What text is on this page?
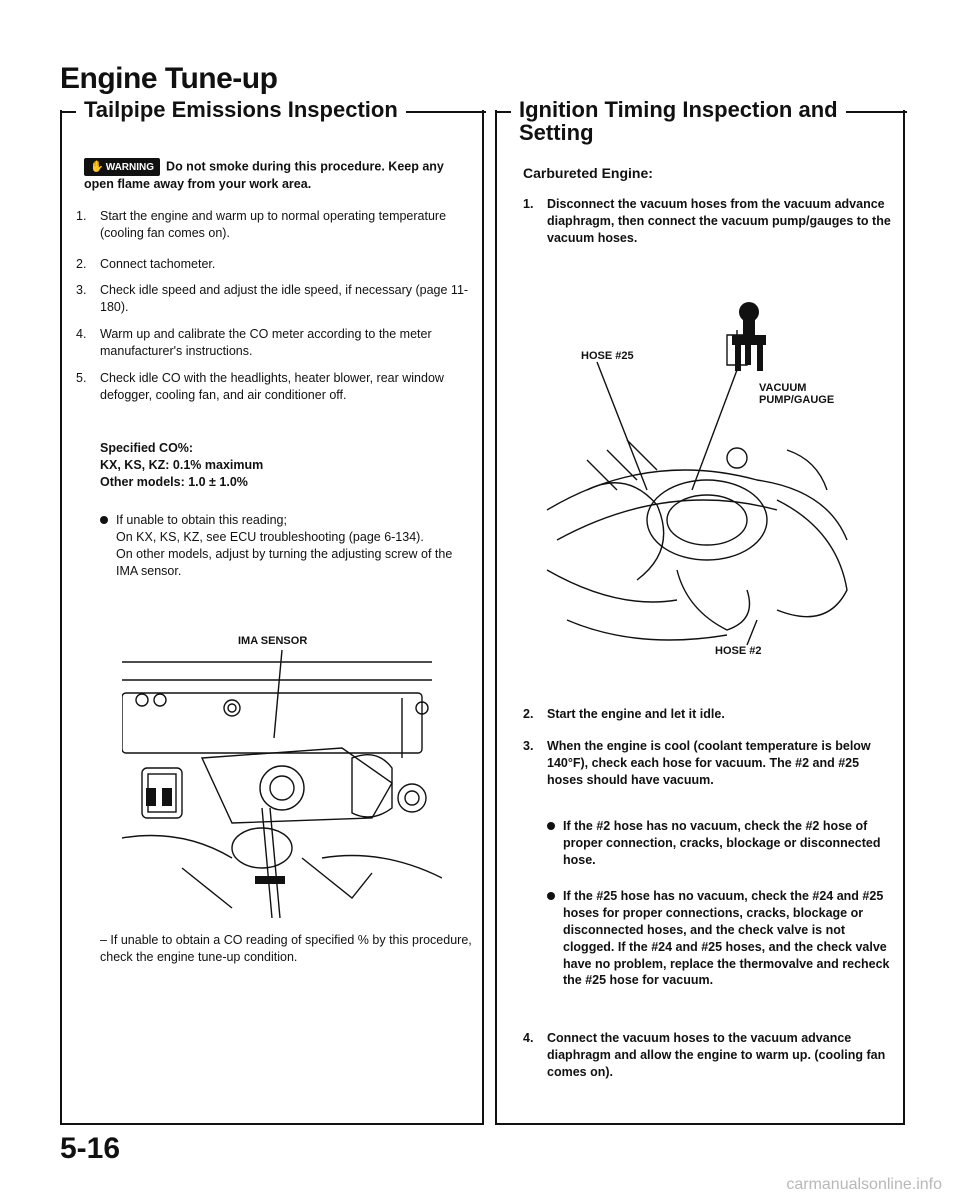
Engine Tune-up
Tailpipe Emissions Inspection
✋ WARNING Do not smoke during this procedure. Keep any open flame away from your work area.
1.	Start the engine and warm up to normal operating temperature (cooling fan comes on).
2.	Connect tachometer.
3.	Check idle speed and adjust the idle speed, if necessary (page 11-180).
4.	Warm up and calibrate the CO meter according to the meter manufacturer's instructions.
5.	Check idle CO with the headlights, heater blower, rear window defogger, cooling fan, and air conditioner off.
Specified CO%:
KX, KS, KZ: 0.1% maximum
Other models: 1.0 ± 1.0%
If unable to obtain this reading;
On KX, KS, KZ, see ECU troubleshooting (page 6-134).
On other models, adjust by turning the adjusting screw of the IMA sensor.
IMA SENSOR
– If unable to obtain a CO reading of specified % by this procedure, check the engine tune-up condition.
Ignition Timing Inspection and
Setting
Carbureted Engine:
1.	Disconnect the vacuum hoses from the vacuum advance diaphragm, then connect the vacuum pump/gauges to the vacuum hoses.
HOSE #25
VACUUM
PUMP/GAUGE
HOSE #2
2.	Start the engine and let it idle.
3.	When the engine is cool (coolant temperature is below 140°F), check each hose for vacuum. The #2 and #25 hoses should have vacuum.
If the #2 hose has no vacuum, check the #2 hose of proper connection, cracks, blockage or disconnected hose.
If the #25 hose has no vacuum, check the #24 and #25 hoses for proper connections, cracks, blockage or disconnected hoses, and the check valve is not clogged. If the #24 and #25 hoses, and the check valve have no problem, replace the thermovalve and recheck the #25 hose for vacuum.
4.	Connect the vacuum hoses to the vacuum advance diaphragm and allow the engine to warm up. (cooling fan comes on).
5-16
carmanualsonline.info
